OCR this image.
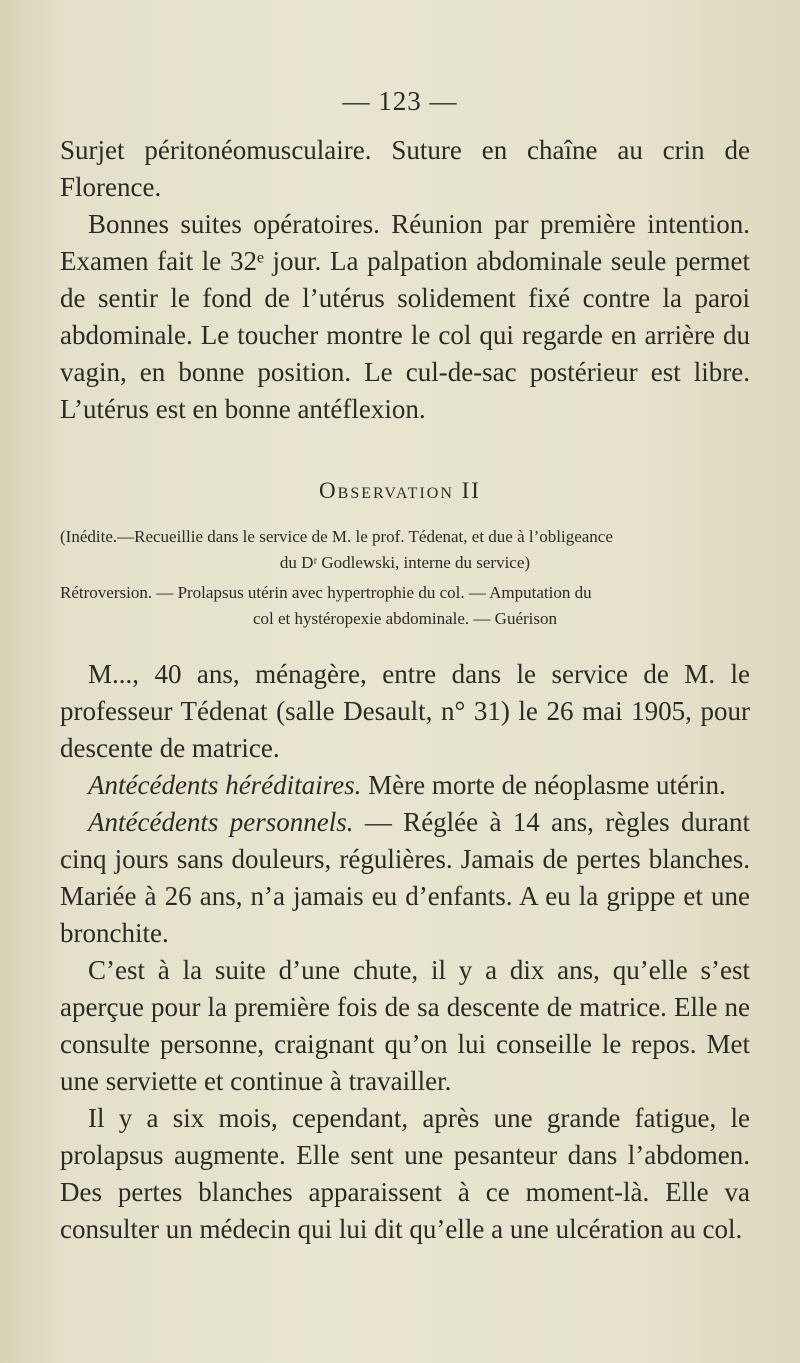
— 123 —

Surjet péritonéomusculaire. Suture en chaîne au crin de Florence.

Bonnes suites opératoires. Réunion par première intention. Examen fait le 32ᵉ jour. La palpation abdominale seule permet de sentir le fond de l’utérus solidement fixé contre la paroi abdominale. Le toucher montre le col qui regarde en arrière du vagin, en bonne position. Le cul-de-sac postérieur est libre. L’utérus est en bonne antéflexion.

Observation II
(Inédite.—Recueillie dans le service de M. le prof. Tédenat, et due à l’obligeance
du Dʳ Godlewski, interne du service)
Rétroversion. — Prolapsus utérin avec hypertrophie du col. — Amputation du
col et hystéropexie abdominale. — Guérison

M..., 40 ans, ménagère, entre dans le service de M. le professeur Tédenat (salle Desault, n° 31) le 26 mai 1905, pour descente de matrice.

Antécédents héréditaires. Mère morte de néoplasme utérin.

Antécédents personnels. — Réglée à 14 ans, règles durant cinq jours sans douleurs, régulières. Jamais de pertes blanches. Mariée à 26 ans, n’a jamais eu d’enfants. A eu la grippe et une bronchite.

C’est à la suite d’une chute, il y a dix ans, qu’elle s’est aperçue pour la première fois de sa descente de matrice. Elle ne consulte personne, craignant qu’on lui conseille le repos. Met une serviette et continue à travailler.

Il y a six mois, cependant, après une grande fatigue, le prolapsus augmente. Elle sent une pesanteur dans l’abdomen. Des pertes blanches apparaissent à ce moment-là. Elle va consulter un médecin qui lui dit qu’elle a une ulcération au col.
